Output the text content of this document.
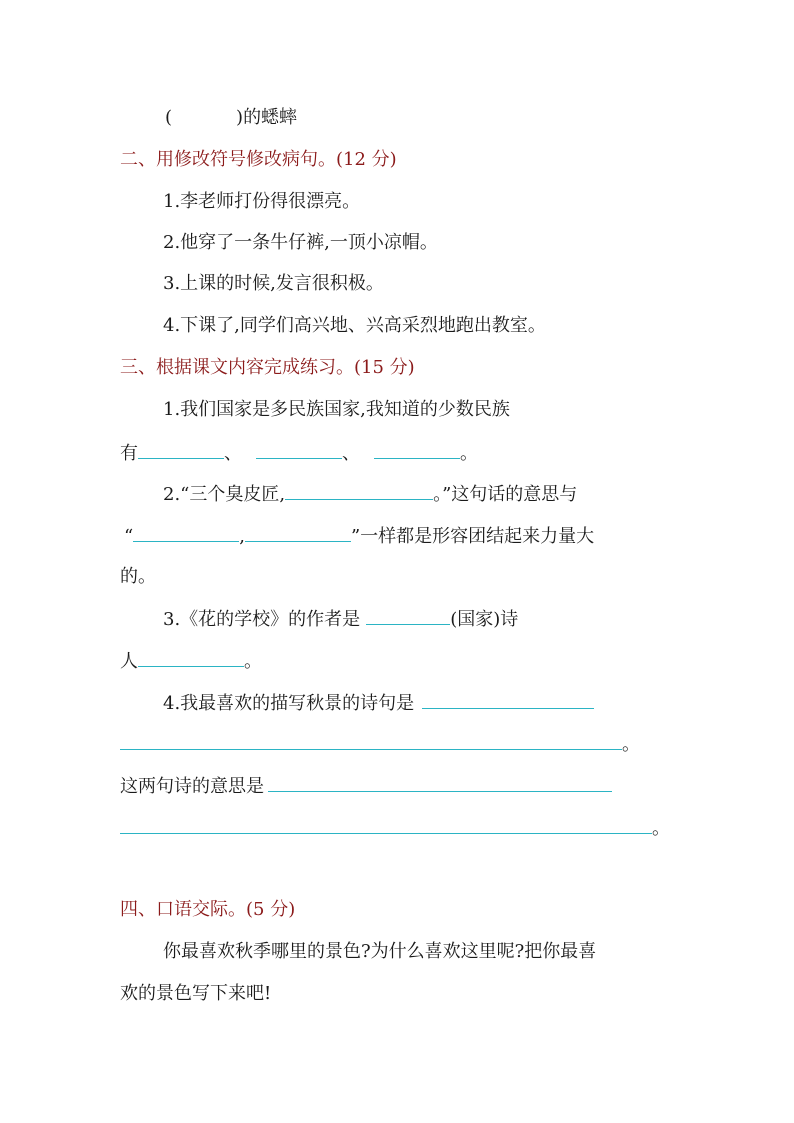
(	)的蟋蟀
二、用修改符号修改病句。(12 分)
1.李老师打份得很漂亮。
2.他穿了一条牛仔裤,一顶小凉帽。
3.上课的时候,发言很积极。
4.下课了,同学们高兴地、兴高采烈地跑出教室。
三、根据课文内容完成练习。(15 分)
1.我们国家是多民族国家,我知道的少数民族
有	、	、	。
2.“三个臭皮匠,	。”这句话的意思与
“	,	”一样都是形容团结起来力量大
的。
3.《花的学校》的作者是	(国家)诗
人	。
4.我最喜欢的描写秋景的诗句是
。
这两句诗的意思是
。
四、口语交际。(5 分)
你最喜欢秋季哪里的景色?为什么喜欢这里呢?把你最喜
欢的景色写下来吧!
